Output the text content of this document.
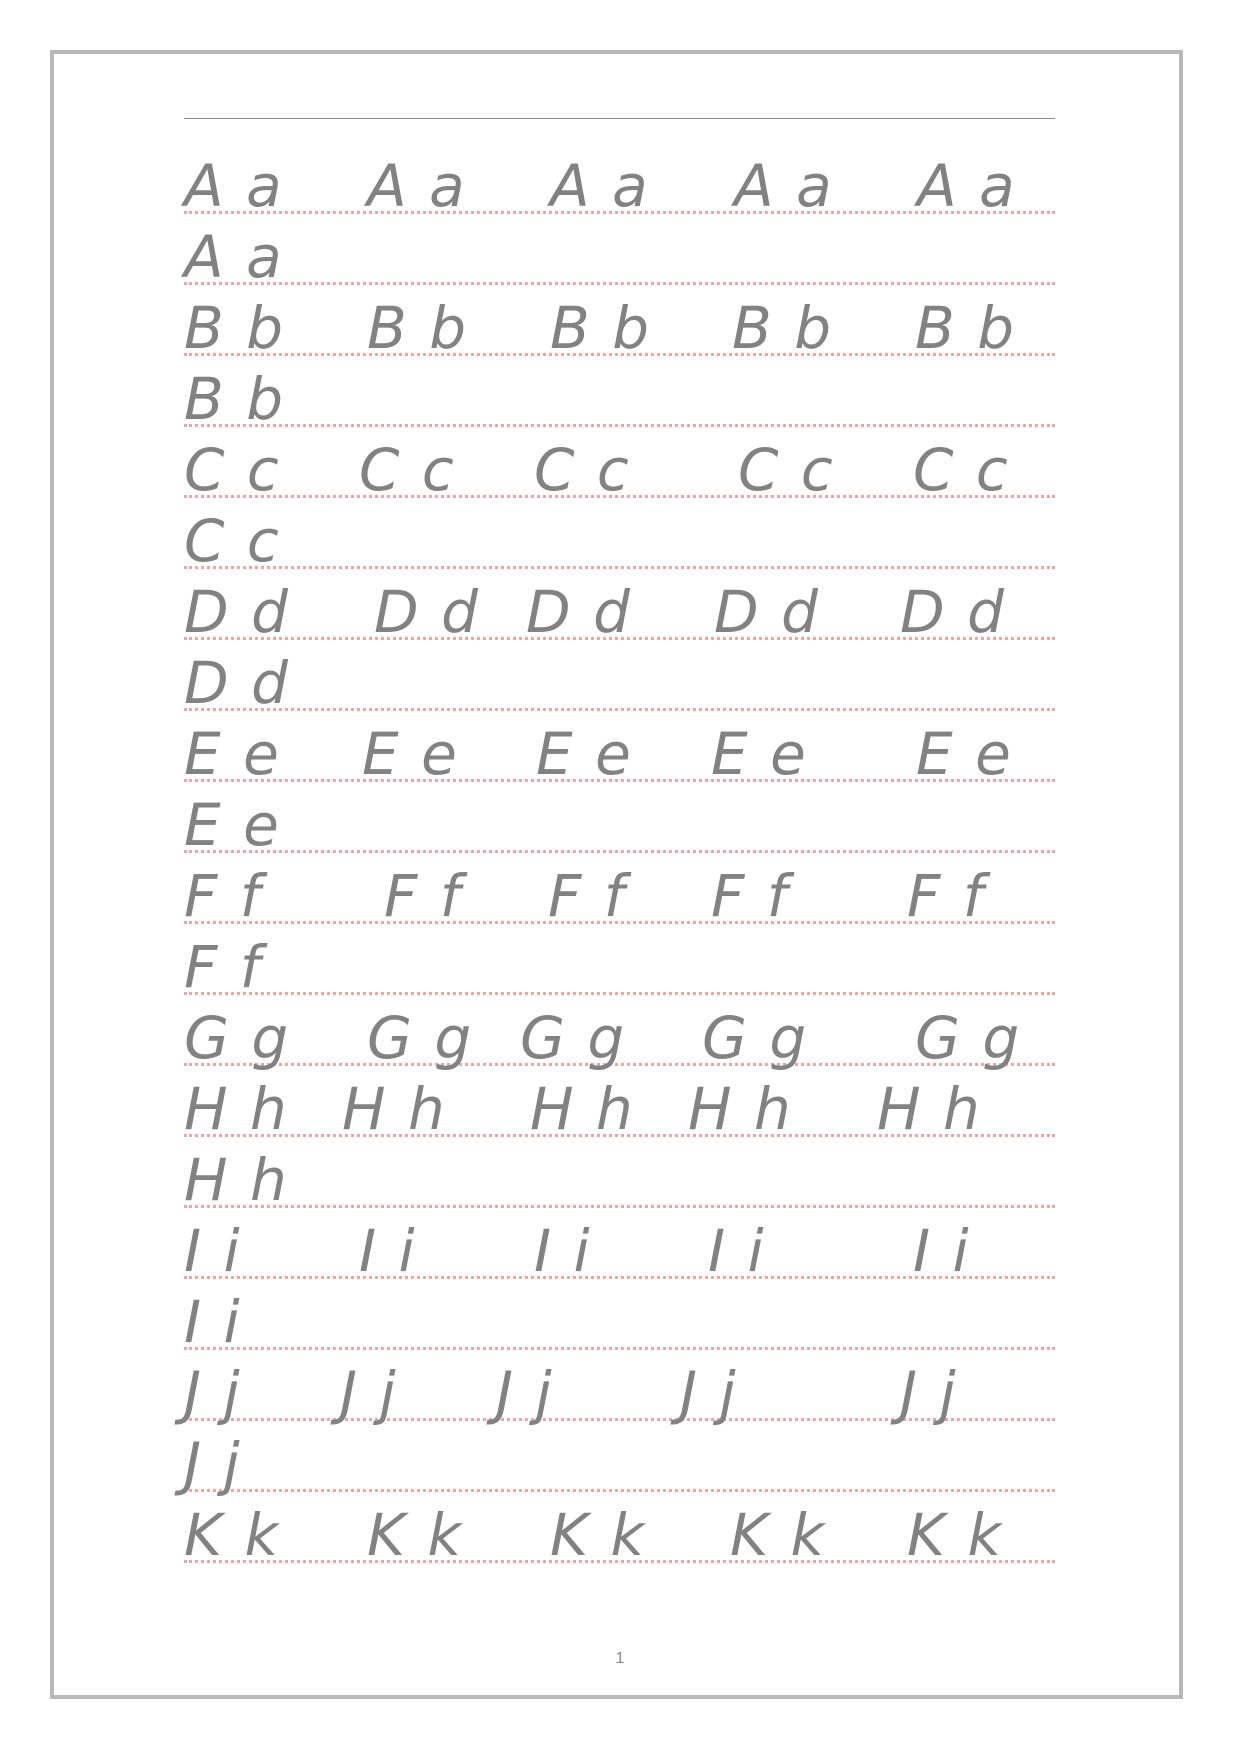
A a A a A a A a A a
A a
B b B b B b B b B b
B b
C c C c C c C c C c
C c
D d D d D d D d D d
D d
E e E e E e E e E e
E e
F f F f F f F f F f
F f
G g G g G g G g G g
H h H h H h H h H h
H h
I i I i I i I i	I i
I i
J j J j J j J j	J j
J j
K k K k K k K k K k
1
